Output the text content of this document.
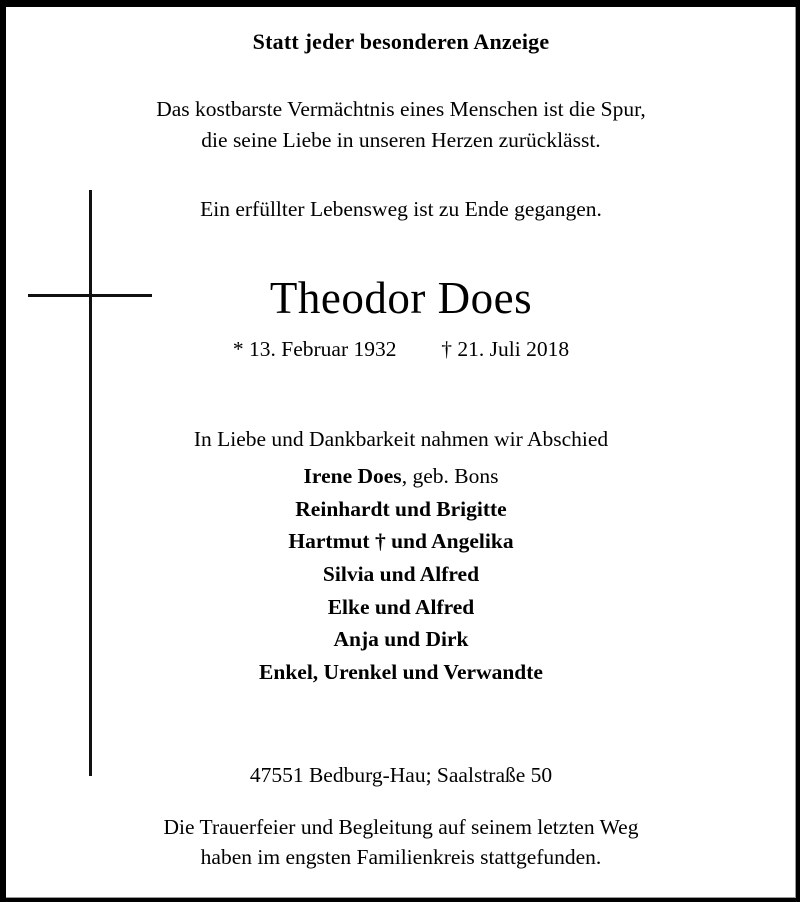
Statt jeder besonderen Anzeige
Das kostbarste Vermächtnis eines Menschen ist die Spur,
die seine Liebe in unseren Herzen zurücklässt.
Ein erfüllter Lebensweg ist zu Ende gegangen.
Theodor Does
* 13. Februar 1932 † 21. Juli 2018
In Liebe und Dankbarkeit nahmen wir Abschied
Irene Does, geb. Bons
Reinhardt und Brigitte
Hartmut † und Angelika
Silvia und Alfred
Elke und Alfred
Anja und Dirk
Enkel, Urenkel und Verwandte
47551 Bedburg-Hau; Saalstraße 50
Die Trauerfeier und Begleitung auf seinem letzten Weg
haben im engsten Familienkreis stattgefunden.
